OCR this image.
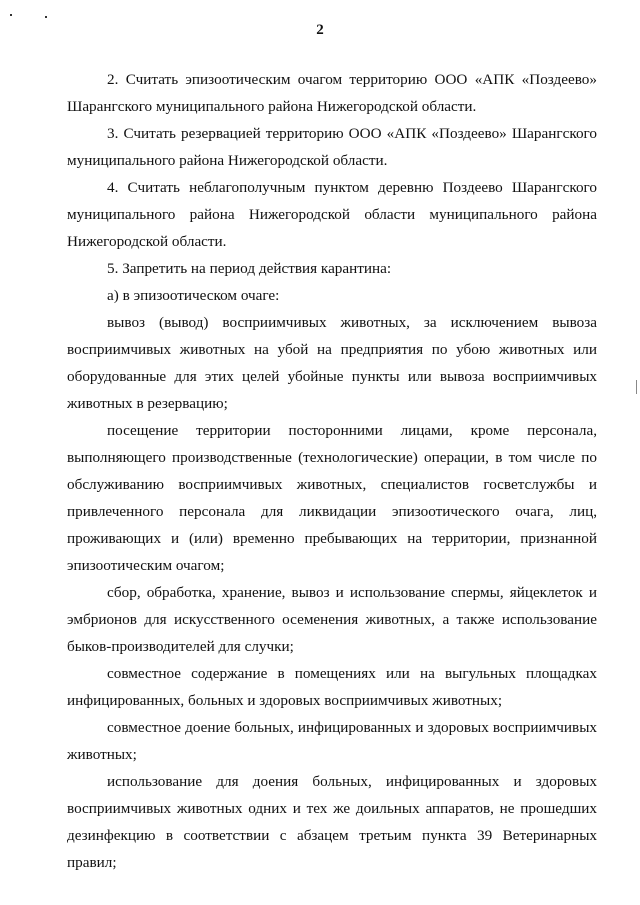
2

2. Считать эпизоотическим очагом территорию ООО «АПК «Поздеево» Шарангского муниципального района Нижегородской области.

3. Считать резервацией территорию ООО «АПК «Поздеево» Шарангского муниципального района Нижегородской области.

4. Считать неблагополучным пунктом деревню Поздеево Шарангского муниципального района Нижегородской области муниципального района Нижегородской области.

5. Запретить на период действия карантина:

а) в эпизоотическом очаге:

вывоз (вывод) восприимчивых животных, за исключением вывоза восприимчивых животных на убой на предприятия по убою животных или оборудованные для этих целей убойные пункты или вывоза восприимчивых животных в резервацию;

посещение территории посторонними лицами, кроме персонала, выполняющего производственные (технологические) операции, в том числе по обслуживанию восприимчивых животных, специалистов госветслужбы и привлеченного персонала для ликвидации эпизоотического очага, лиц, проживающих и (или) временно пребывающих на территории, признанной эпизоотическим очагом;

сбор, обработка, хранение, вывоз и использование спермы, яйцеклеток и эмбрионов для искусственного осеменения животных, а также использование быков-производителей для случки;

совместное содержание в помещениях или на выгульных площадках инфицированных, больных и здоровых восприимчивых животных;

совместное доение больных, инфицированных и здоровых восприимчивых животных;

использование для доения больных, инфицированных и здоровых восприимчивых животных одних и тех же доильных аппаратов, не прошедших дезинфекцию в соответствии с абзацем третьим пункта 39 Ветеринарных правил;
